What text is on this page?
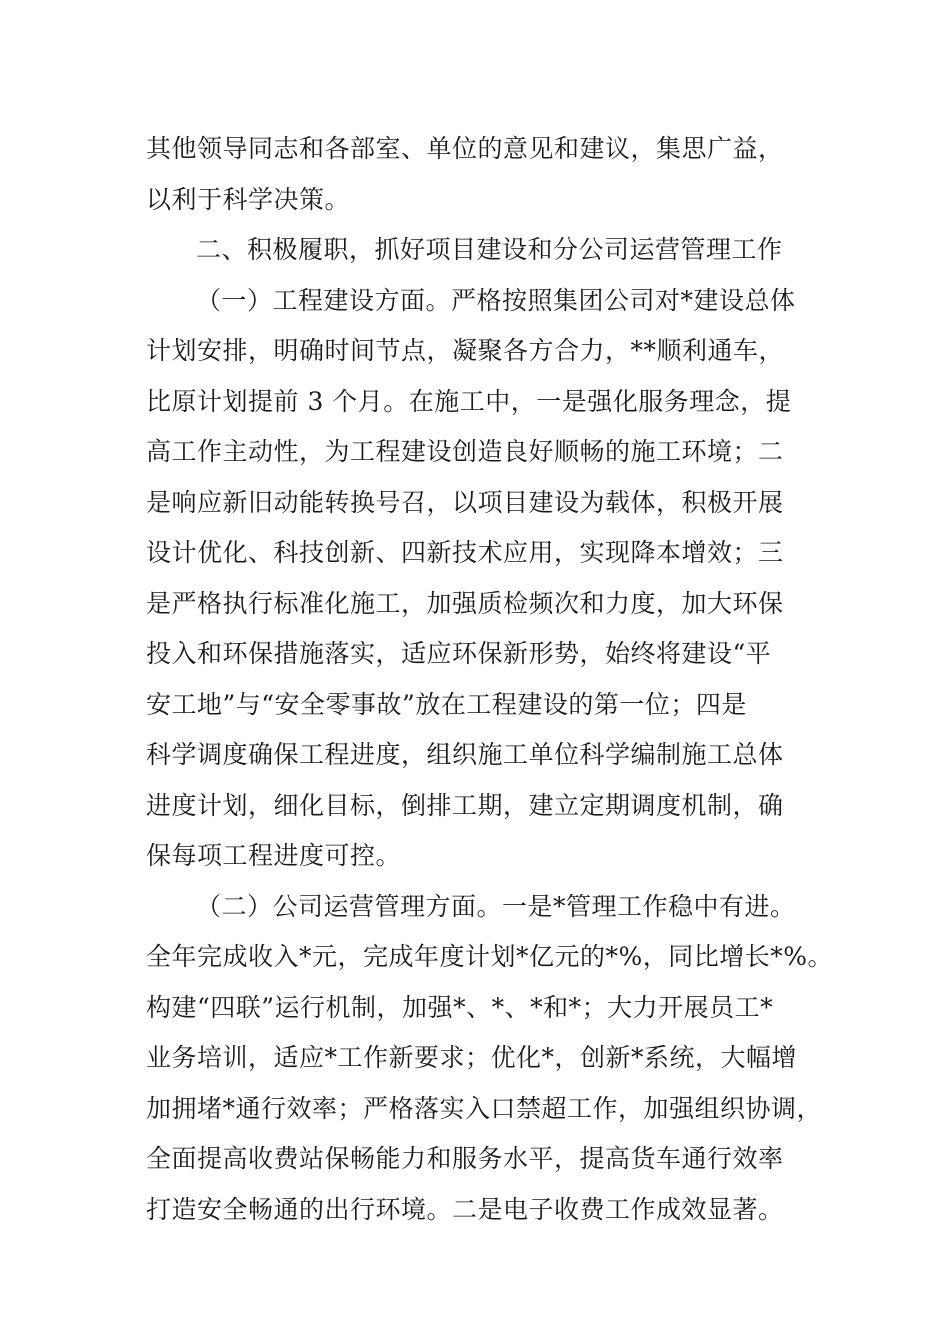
其他领导同志和各部室、单位的意见和建议，集思广益，
以利于科学决策。
二、积极履职，抓好项目建设和分公司运营管理工作
（一）工程建设方面。严格按照集团公司对*建设总体
计划安排，明确时间节点，凝聚各方合力，**顺利通车，
比原计划提前 3 个月。在施工中，一是强化服务理念，提
高工作主动性，为工程建设创造良好顺畅的施工环境；二
是响应新旧动能转换号召，以项目建设为载体，积极开展
设计优化、科技创新、四新技术应用，实现降本增效；三
是严格执行标准化施工，加强质检频次和力度，加大环保
投入和环保措施落实，适应环保新形势，始终将建设“平
安工地”与“安全零事故”放在工程建设的第一位；四是
科学调度确保工程进度，组织施工单位科学编制施工总体
进度计划，细化目标，倒排工期，建立定期调度机制，确
保每项工程进度可控。
（二）公司运营管理方面。一是*管理工作稳中有进。
全年完成收入*元，完成年度计划*亿元的*%，同比增长*%。
构建“四联”运行机制，加强*、*、*和*；大力开展员工*
业务培训，适应*工作新要求；优化*，创新*系统，大幅增
加拥堵*通行效率；严格落实入口禁超工作，加强组织协调，
全面提高收费站保畅能力和服务水平，提高货车通行效率
打造安全畅通的出行环境。二是电子收费工作成效显著。
